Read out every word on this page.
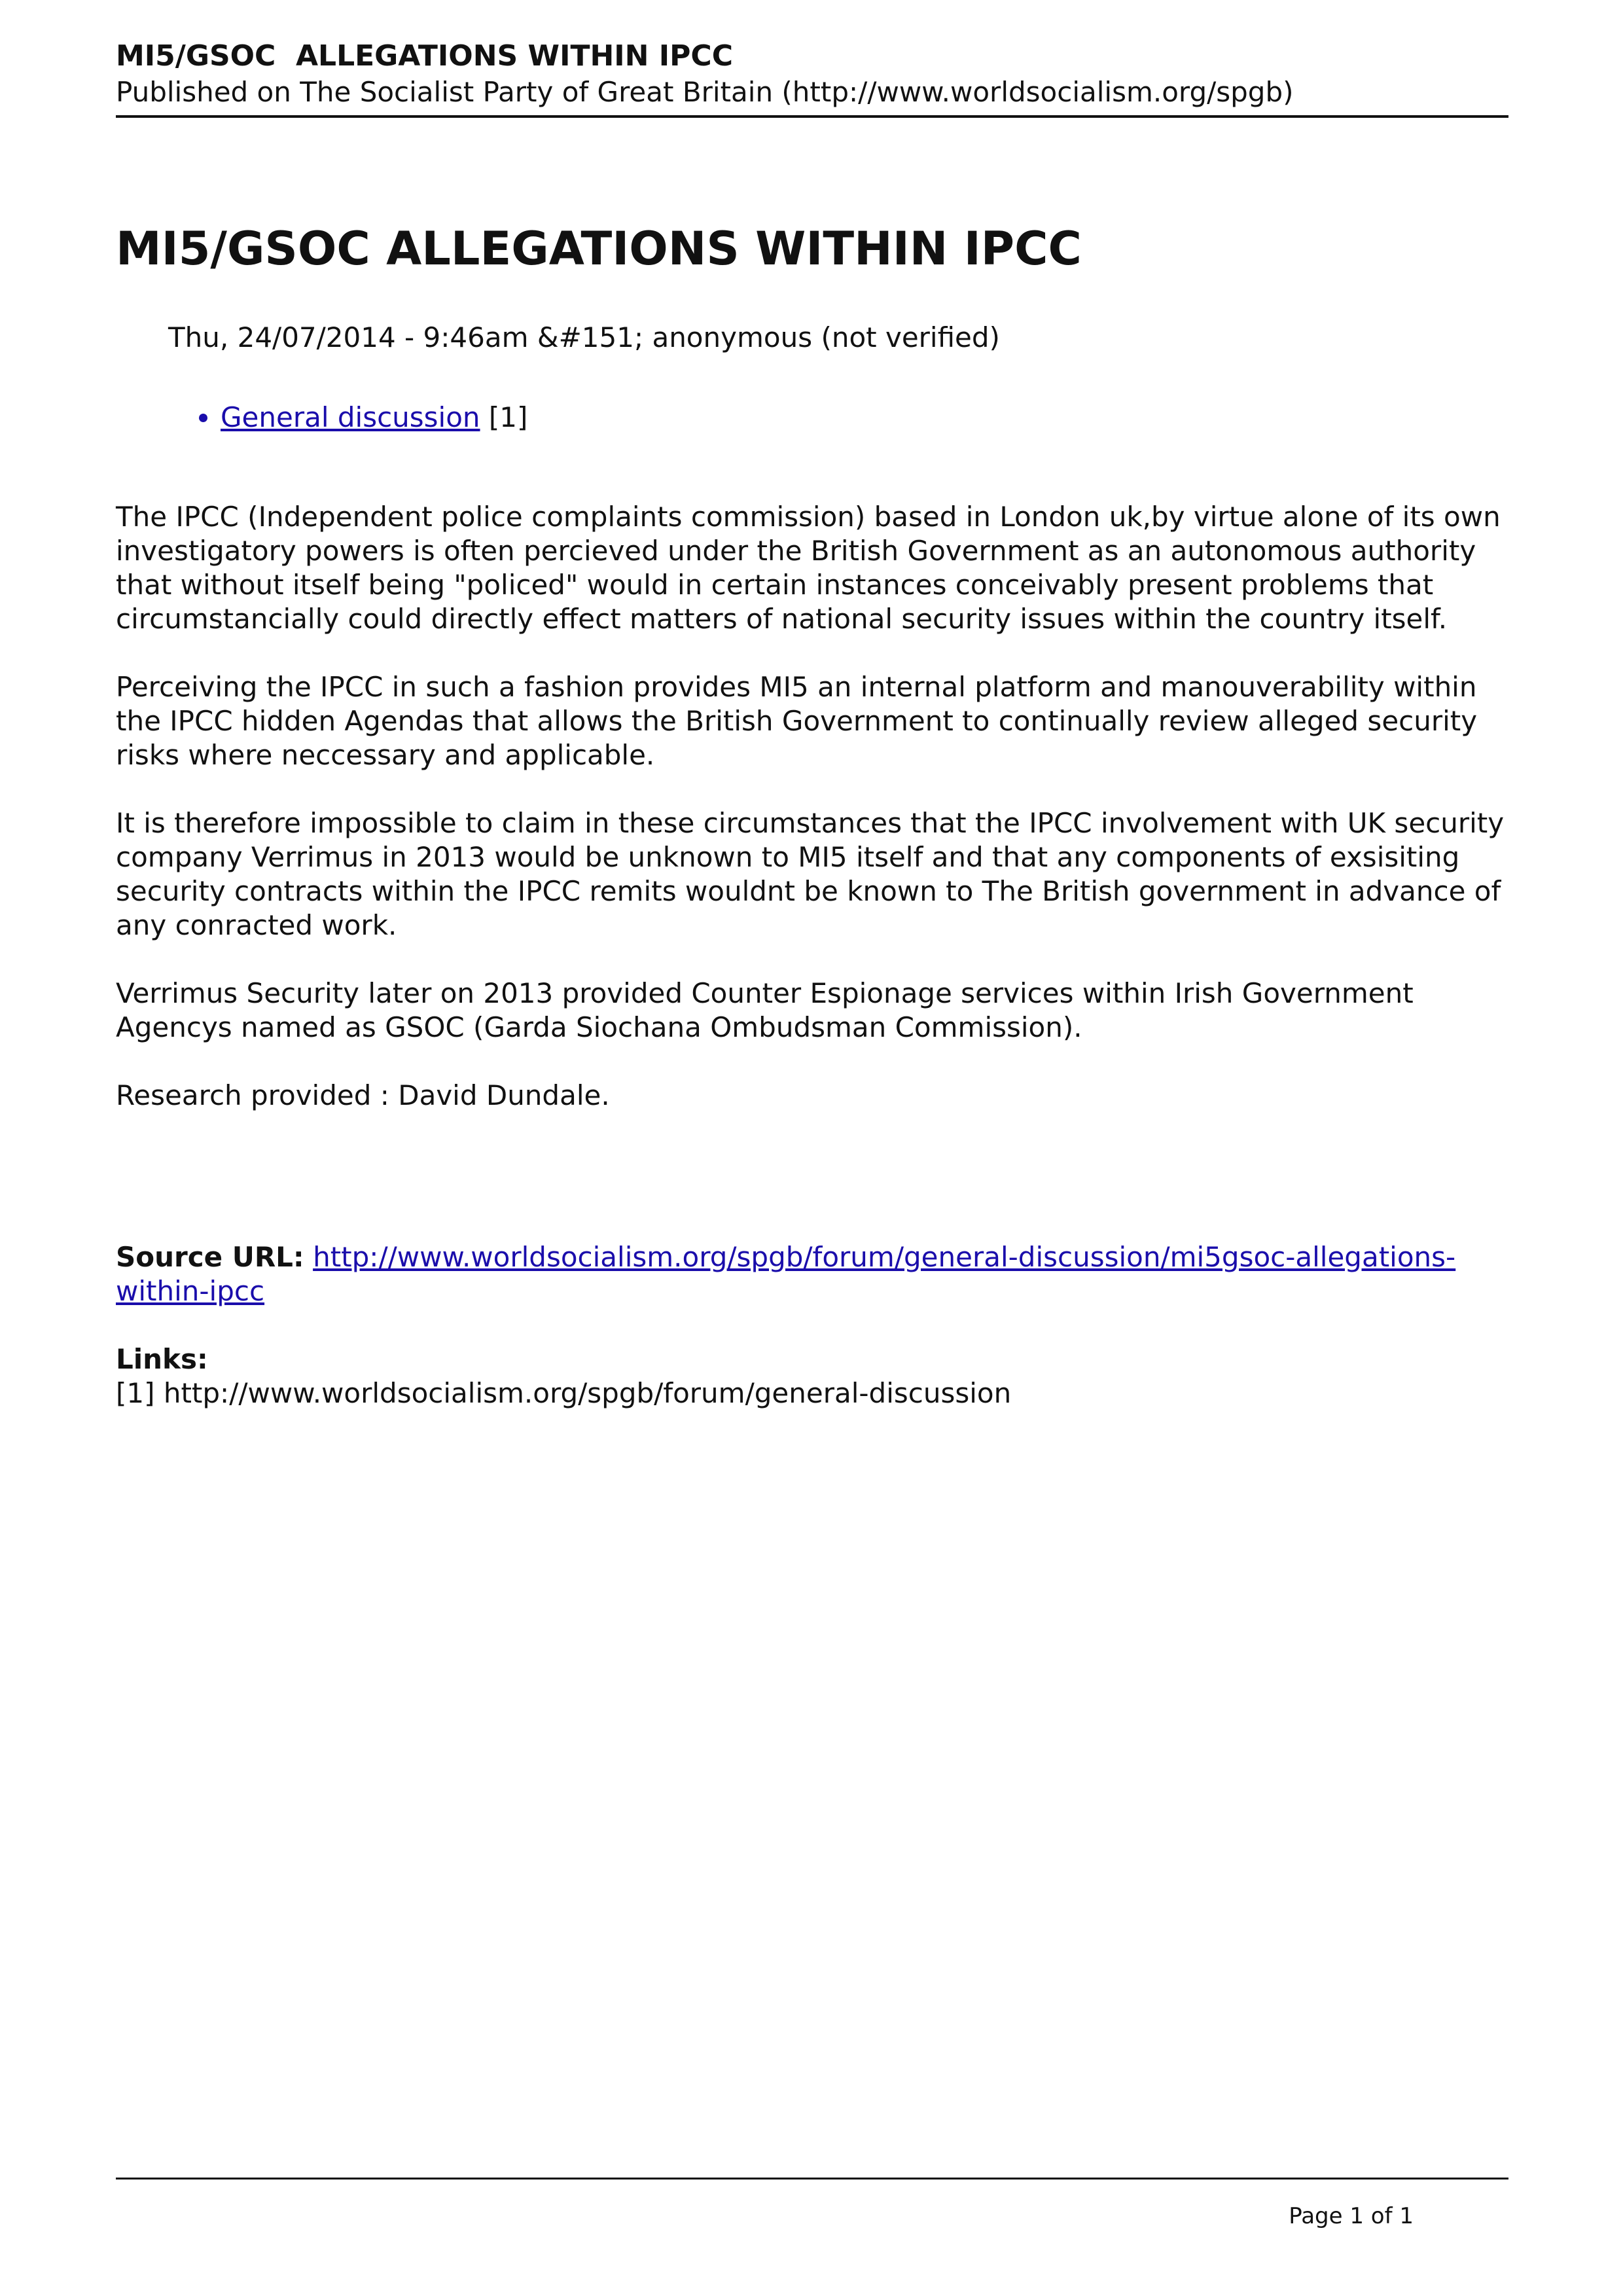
MI5/GSOC  ALLEGATIONS WITHIN IPCC
Published on The Socialist Party of Great Britain (http://www.worldsocialism.org/spgb)
MI5/GSOC ALLEGATIONS WITHIN IPCC
Thu, 24/07/2014 - 9:46am &#151; anonymous (not verified)
• General discussion [1]

The IPCC (Independent police complaints commission) based in London uk,by virtue alone of its own investigatory powers is often percieved under the British Government as an autonomous authority that without itself being "policed" would in certain instances conceivably present problems that circumstancially could directly effect matters of national security issues within the country itself.

Perceiving the IPCC in such a fashion provides MI5 an internal platform and manouverability within the IPCC hidden Agendas that allows the British Government to continually review alleged security risks where neccessary and applicable.

It is therefore impossible to claim in these circumstances that the IPCC involvement with UK security company Verrimus in 2013 would be unknown to MI5 itself and that any components of exsisiting security contracts within the IPCC remits wouldnt be known to The British government in advance of any conracted work.

Verrimus Security later on 2013 provided Counter Espionage services within Irish Government Agencys named as GSOC (Garda Siochana Ombudsman Commission).

Research provided : David Dundale.

Source URL: http://www.worldsocialism.org/spgb/forum/general-discussion/mi5gsoc-allegations-within-ipcc
Links:
[1] http://www.worldsocialism.org/spgb/forum/general-discussion
Page 1 of 1
